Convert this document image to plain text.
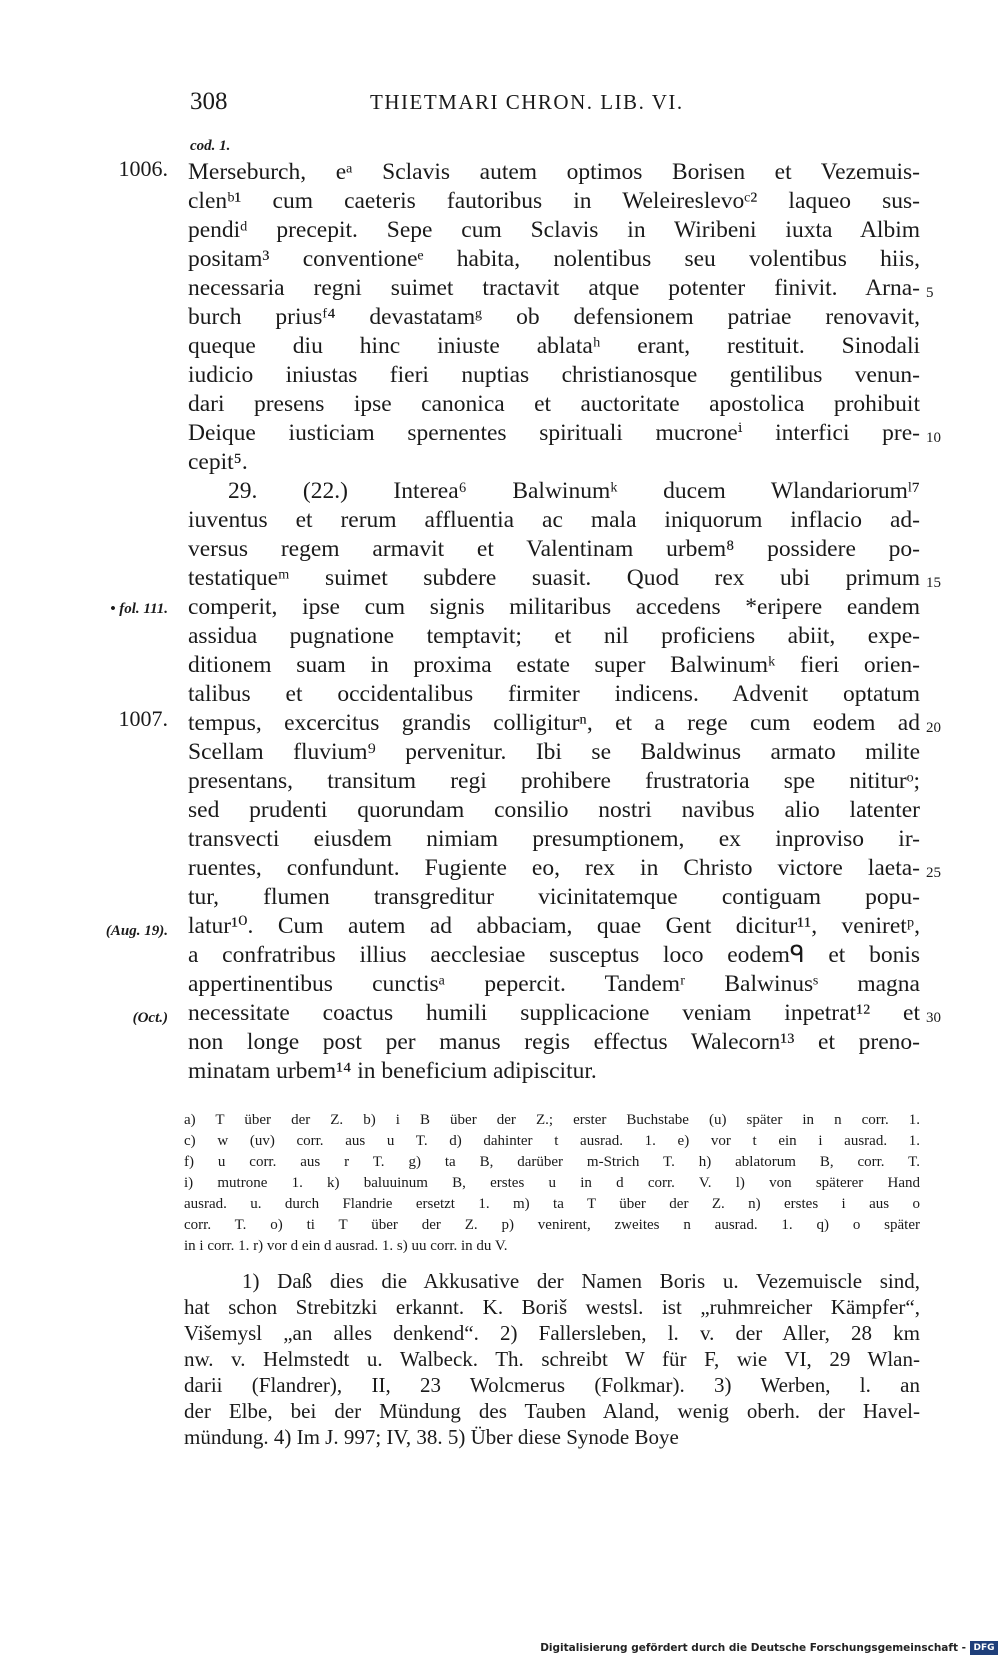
308	THIETMARI CHRON. LIB. VI.
cod. 1.
1006.
• fol. 111.
1007.
(Aug. 19).
(Oct.)
5
10
15
20
25
30
Merseburch, eᵃ Sclavis autem optimos Borisen et Vezemuis-
clenᵇ¹ cum caeteris fautoribus in Weleireslevoᶜ² laqueo sus-
pendiᵈ precepit. Sepe cum Sclavis in Wiribeni iuxta Albim
positam³ conventioneᵉ habita, nolentibus seu volentibus hiis,
necessaria regni suimet tractavit atque potenter finivit. Arna-
burch priusᶠ⁴ devastatamᵍ ob defensionem patriae renovavit,
queque diu hinc iniuste ablataʰ erant, restituit. Sinodali
iudicio iniustas fieri nuptias christianosque gentilibus venun-
dari presens ipse canonica et auctoritate apostolica prohibuit
Deique iusticiam spernentes spirituali mucroneⁱ interfici pre-
cepit⁵.
29. (22.) Interea⁶ Balwinumᵏ ducem Wlandariorumˡ⁷
iuventus et rerum affluentia ac mala iniquorum inflacio ad-
versus regem armavit et Valentinam urbem⁸ possidere po-
testatiqueᵐ suimet subdere suasit. Quod rex ubi primum
comperit, ipse cum signis militaribus accedens *eripere eandem
assidua pugnatione temptavit; et nil proficiens abiit, expe-
ditionem suam in proxima estate super Balwinumᵏ fieri orien-
talibus et occidentalibus firmiter indicens. Advenit optatum
tempus, excercitus grandis colligiturⁿ, et a rege cum eodem ad
Scellam fluvium⁹ pervenitur. Ibi se Baldwinus armato milite
presentans, transitum regi prohibere frustratoria spe nititurᵒ;
sed prudenti quorundam consilio nostri navibus alio latenter
transvecti eiusdem nimiam presumptionem, ex inproviso ir-
ruentes, confundunt. Fugiente eo, rex in Christo victore laeta-
tur, flumen transgreditur vicinitatemque contiguam popu-
latur¹⁰. Cum autem ad abbaciam, quae Gent dicitur¹¹, veniretᵖ,
a confratribus illius aecclesiae susceptus loco eodemᑫ et bonis
appertinentibus cunctisᵃ pepercit. Tandemʳ Balwinusˢ magna
necessitate coactus humili supplicacione veniam inpetrat¹² et
non longe post per manus regis effectus Walecorn¹³ et preno-
minatam urbem¹⁴ in beneficium adipiscitur.
a) T über der Z. b) i B über der Z.; erster Buchstabe (u) später in n corr. 1.
c) w (uv) corr. aus u T. d) dahinter t ausrad. 1. e) vor t ein i ausrad. 1.
f) u corr. aus r T. g) ta B, darüber m-Strich T. h) ablatorum B, corr. T.
i) mutrone 1. k) baluuinum B, erstes u in d corr. V. l) von späterer Hand
ausrad. u. durch Flandrie ersetzt 1. m) ta T über der Z. n) erstes i aus o
corr. T. o) ti T über der Z. p) venirent, zweites n ausrad. 1. q) o später
in i corr. 1. r) vor d ein d ausrad. 1. s) uu corr. in du V.
1) Daß dies die Akkusative der Namen Boris u. Vezemuiscle sind,
hat schon Strebitzki erkannt. K. Boriš westsl. ist „ruhmreicher Kämpfer“,
Višemysl „an alles denkend“. 2) Fallersleben, l. v. der Aller, 28 km
nw. v. Helmstedt u. Walbeck. Th. schreibt W für F, wie VI, 29 Wlan-
darii (Flandrer), II, 23 Wolcmerus (Folkmar). 3) Werben, l. an
der Elbe, bei der Mündung des Tauben Aland, wenig oberh. der Havel-
mündung. 4) Im J. 997; IV, 38. 5) Über diese Synode Boye
Digitalisierung gefördert durch die Deutsche Forschungsgemeinschaft - DFG
